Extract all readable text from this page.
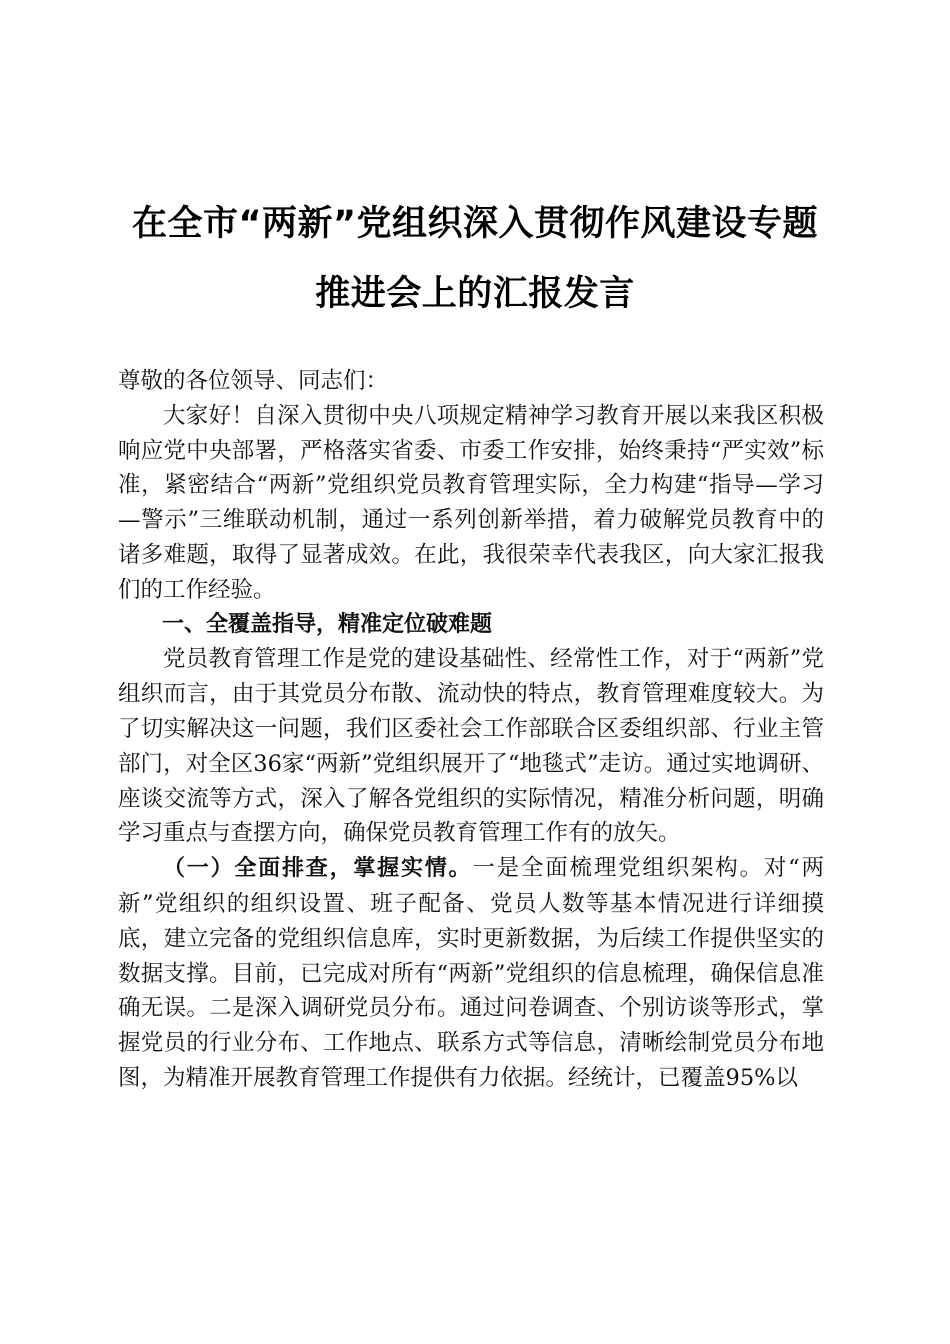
在全市“两新”党组织深入贯彻作风建设专题
推进会上的汇报发言

尊敬的各位领导、同志们：

大家好！自深入贯彻中央八项规定精神学习教育开展以来我区积极响应党中央部署，严格落实省委、市委工作安排，始终秉持“严实效”标准，紧密结合“两新”党组织党员教育管理实际，全力构建“指导—学习—警示”三维联动机制，通过一系列创新举措，着力破解党员教育中的诸多难题，取得了显著成效。在此，我很荣幸代表我区，向大家汇报我们的工作经验。

一、全覆盖指导，精准定位破难题

党员教育管理工作是党的建设基础性、经常性工作，对于“两新”党组织而言，由于其党员分布散、流动快的特点，教育管理难度较大。为了切实解决这一问题，我们区委社会工作部联合区委组织部、行业主管部门，对全区36家“两新”党组织展开了“地毯式”走访。通过实地调研、座谈交流等方式，深入了解各党组织的实际情况，精准分析问题，明确学习重点与查摆方向，确保党员教育管理工作有的放矢。

（一）全面排查，掌握实情。一是全面梳理党组织架构。对“两新”党组织的组织设置、班子配备、党员人数等基本情况进行详细摸底，建立完备的党组织信息库，实时更新数据，为后续工作提供坚实的数据支撑。目前，已完成对所有“两新”党组织的信息梳理，确保信息准确无误。二是深入调研党员分布。通过问卷调查、个别访谈等形式，掌握党员的行业分布、工作地点、联系方式等信息，清晰绘制党员分布地图，为精准开展教育管理工作提供有力依据。经统计，已覆盖95%以
